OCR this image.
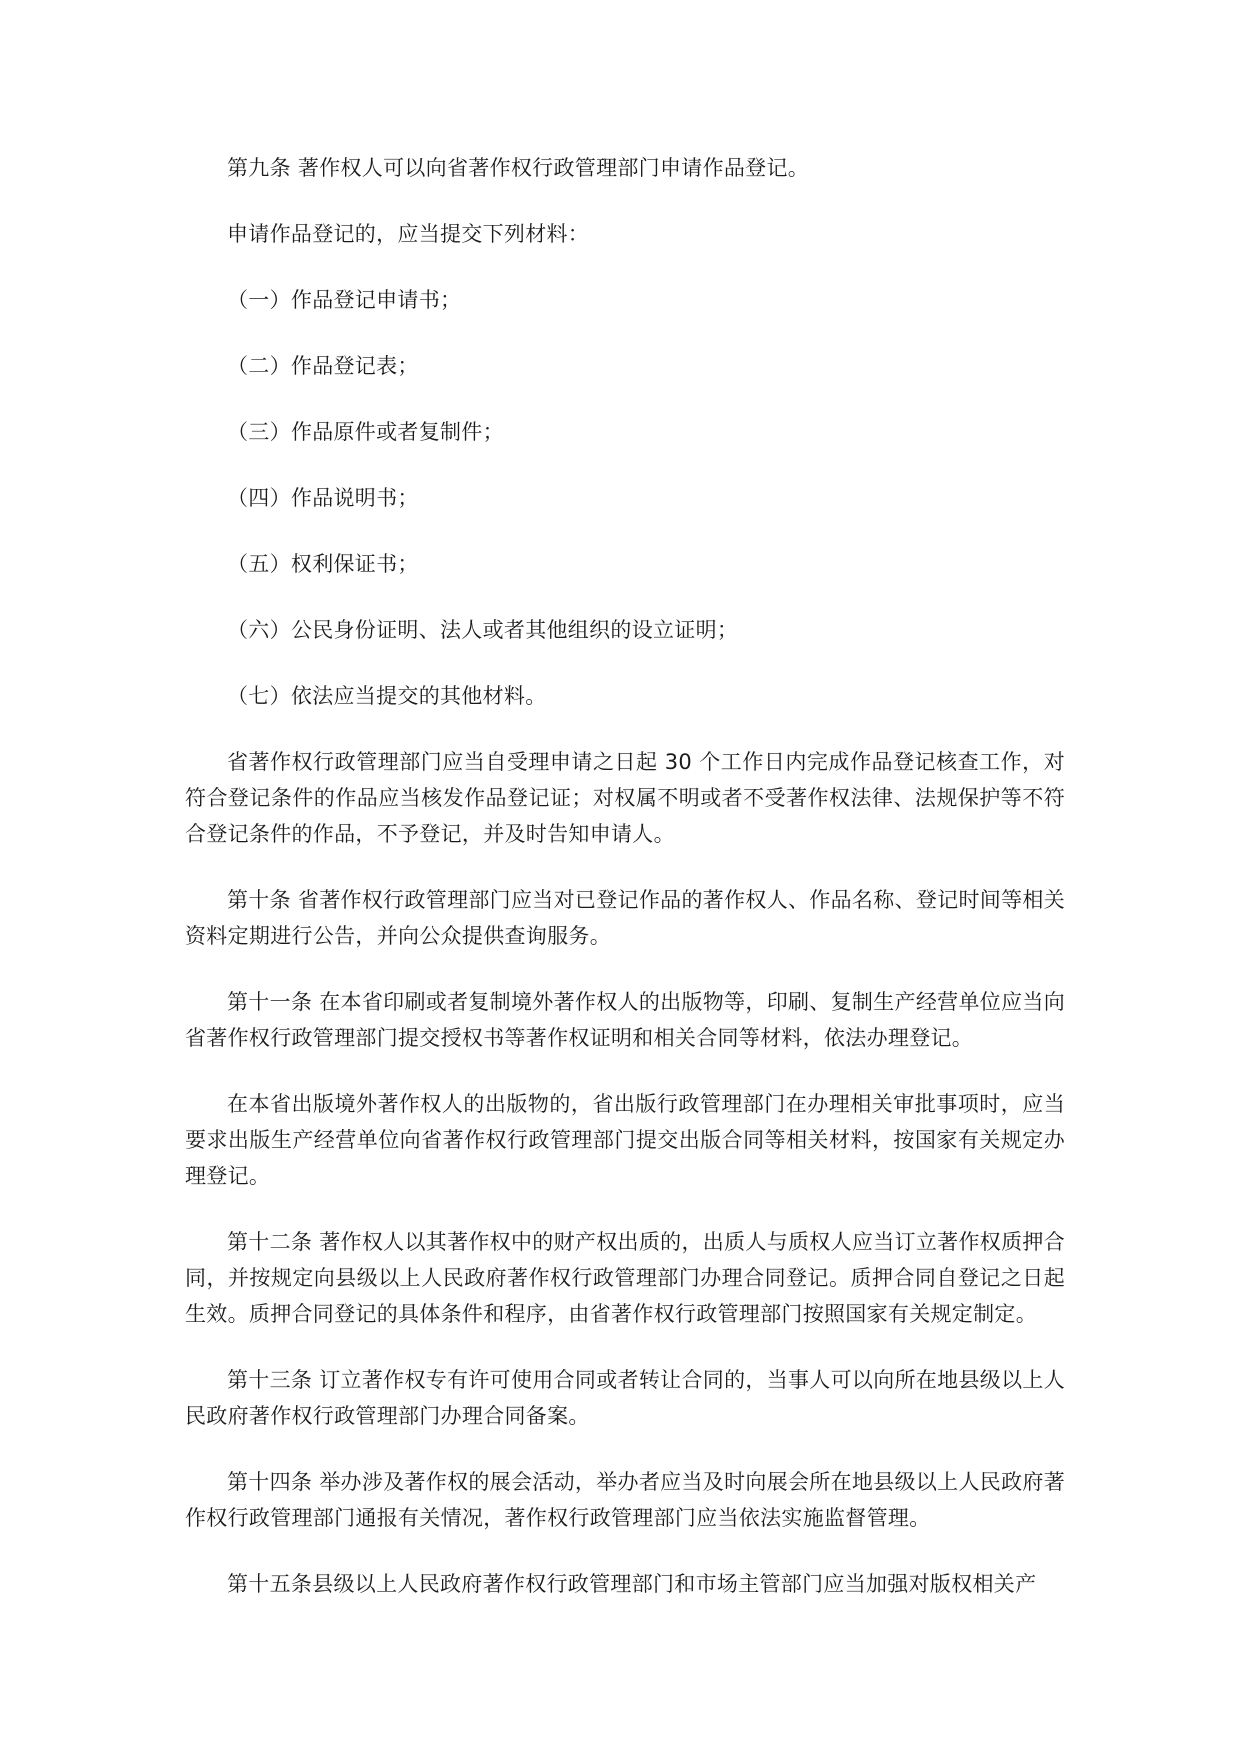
第九条 著作权人可以向省著作权行政管理部门申请作品登记。

申请作品登记的，应当提交下列材料：

（一）作品登记申请书；

（二）作品登记表；

（三）作品原件或者复制件；

（四）作品说明书；

（五）权利保证书；

（六）公民身份证明、法人或者其他组织的设立证明；

（七）依法应当提交的其他材料。

省著作权行政管理部门应当自受理申请之日起 30 个工作日内完成作品登记核查工作，对符合登记条件的作品应当核发作品登记证；对权属不明或者不受著作权法律、法规保护等不符合登记条件的作品，不予登记，并及时告知申请人。

第十条 省著作权行政管理部门应当对已登记作品的著作权人、作品名称、登记时间等相关资料定期进行公告，并向公众提供查询服务。

第十一条 在本省印刷或者复制境外著作权人的出版物等，印刷、复制生产经营单位应当向省著作权行政管理部门提交授权书等著作权证明和相关合同等材料，依法办理登记。

在本省出版境外著作权人的出版物的，省出版行政管理部门在办理相关审批事项时，应当要求出版生产经营单位向省著作权行政管理部门提交出版合同等相关材料，按国家有关规定办理登记。

第十二条 著作权人以其著作权中的财产权出质的，出质人与质权人应当订立著作权质押合同，并按规定向县级以上人民政府著作权行政管理部门办理合同登记。质押合同自登记之日起生效。质押合同登记的具体条件和程序，由省著作权行政管理部门按照国家有关规定制定。

第十三条 订立著作权专有许可使用合同或者转让合同的，当事人可以向所在地县级以上人民政府著作权行政管理部门办理合同备案。

第十四条 举办涉及著作权的展会活动，举办者应当及时向展会所在地县级以上人民政府著作权行政管理部门通报有关情况，著作权行政管理部门应当依法实施监督管理。

第十五条县级以上人民政府著作权行政管理部门和市场主管部门应当加强对版权相关产
